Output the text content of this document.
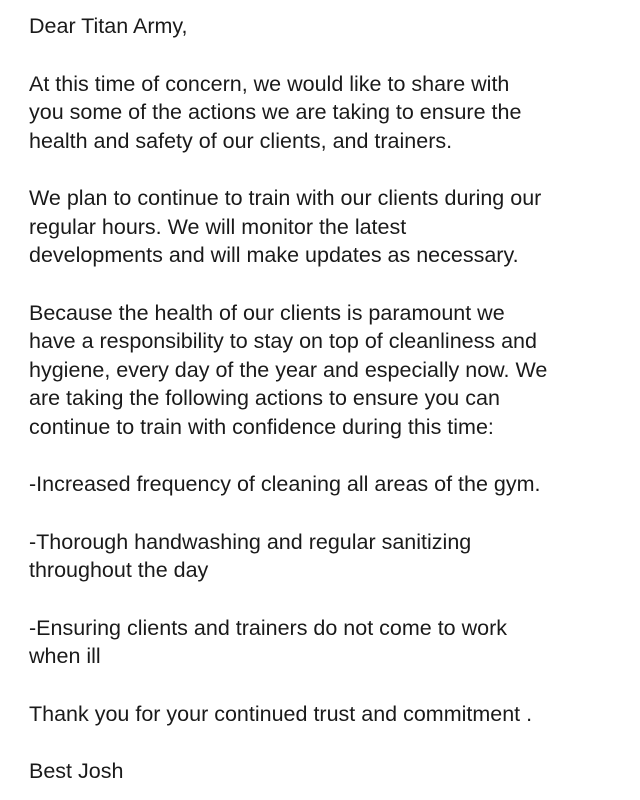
Dear Titan Army,
At this time of concern, we would like to share with
you some of the actions we are taking to ensure the
health and safety of our clients, and trainers.
We plan to continue to train with our clients during our
regular hours. We will monitor the latest
developments and will make updates as necessary.
Because the health of our clients is paramount we
have a responsibility to stay on top of cleanliness and
hygiene, every day of the year and especially now. We
are taking the following actions to ensure you can
continue to train with confidence during this time:
-Increased frequency of cleaning all areas of the gym.
-Thorough handwashing and regular sanitizing
throughout the day
-Ensuring clients and trainers do not come to work
when ill
Thank you for your continued trust and commitment .
Best Josh
